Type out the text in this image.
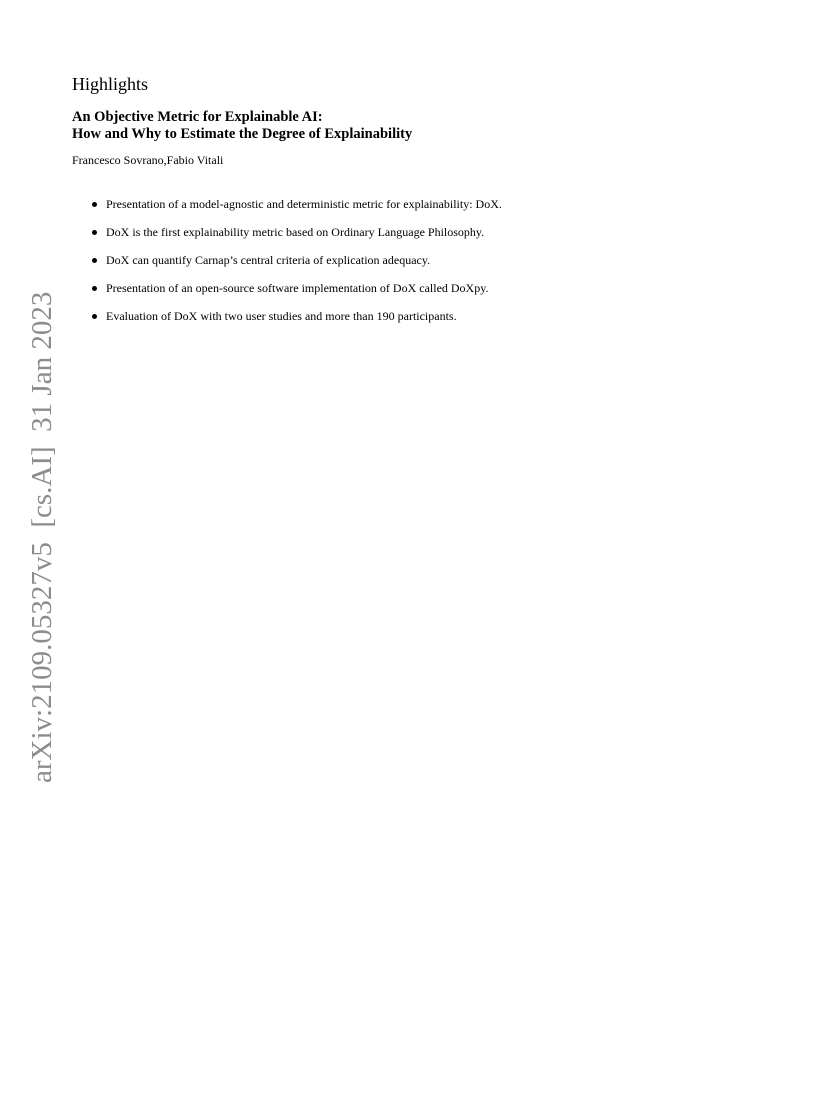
Highlights
An Objective Metric for Explainable AI:
How and Why to Estimate the Degree of Explainability
Francesco Sovrano,Fabio Vitali
Presentation of a model-agnostic and deterministic metric for explainability: DoX.
DoX is the first explainability metric based on Ordinary Language Philosophy.
DoX can quantify Carnap’s central criteria of explication adequacy.
Presentation of an open-source software implementation of DoX called DoXpy.
Evaluation of DoX with two user studies and more than 190 participants.
arXiv:2109.05327v5  [cs.AI]  31 Jan 2023
